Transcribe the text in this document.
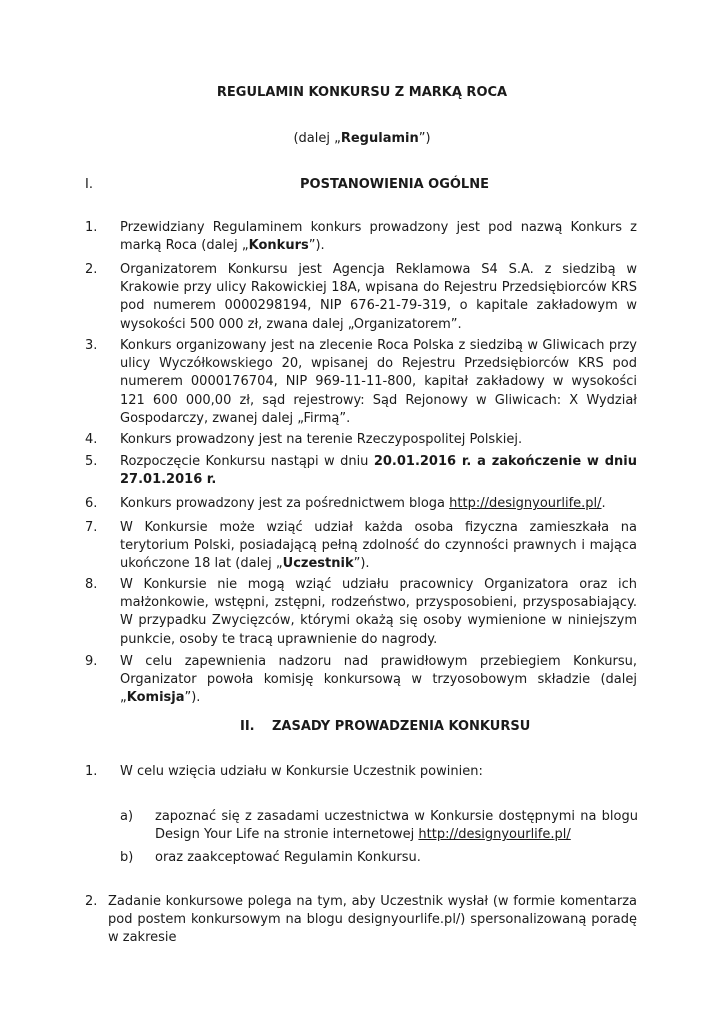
REGULAMIN KONKURSU Z MARKĄ ROCA
(dalej „Regulamin”)
I.	POSTANOWIENIA OGÓLNE
1. Przewidziany Regulaminem konkurs prowadzony jest pod nazwą Konkurs z marką Roca (dalej „Konkurs”).
2. Organizatorem Konkursu jest Agencja Reklamowa S4 S.A. z siedzibą w Krakowie przy ulicy Rakowickiej 18A, wpisana do Rejestru Przedsiębiorców KRS pod numerem 0000298194, NIP 676-21-79-319, o kapitale zakładowym w wysokości 500 000 zł, zwana dalej „Organizatorem”.
3. Konkurs organizowany jest na zlecenie Roca Polska z siedzibą w Gliwicach przy ulicy Wyczółkowskiego 20, wpisanej do Rejestru Przedsiębiorców KRS pod numerem 0000176704, NIP 969-11-11-800, kapitał zakładowy w wysokości 121 600 000,00 zł, sąd rejestrowy: Sąd Rejonowy w Gliwicach: X Wydział Gospodarczy, zwanej dalej „Firmą”.
4. Konkurs prowadzony jest na terenie Rzeczypospolitej Polskiej.
5. Rozpoczęcie Konkursu nastąpi w dniu 20.01.2016 r. a zakończenie w dniu 27.01.2016 r.
6. Konkurs prowadzony jest za pośrednictwem bloga http://designyourlife.pl/.
7. W Konkursie może wziąć udział każda osoba fizyczna zamieszkała na terytorium Polski, posiadającą pełną zdolność do czynności prawnych i mająca ukończone 18 lat (dalej „Uczestnik”).
8. W Konkursie nie mogą wziąć udziału pracownicy Organizatora oraz ich małżonkowie, wstępni, zstępni, rodzeństwo, przysposobieni, przysposabiający. W przypadku Zwycięzców, którymi okażą się osoby wymienione w niniejszym punkcie, osoby te tracą uprawnienie do nagrody.
9. W celu zapewnienia nadzoru nad prawidłowym przebiegiem Konkursu, Organizator powoła komisję konkursową w trzyosobowym składzie (dalej „Komisja”).
II. ZASADY PROWADZENIA KONKURSU
1. W celu wzięcia udziału w Konkursie Uczestnik powinien:
a) zapoznać się z zasadami uczestnictwa w Konkursie dostępnymi na blogu Design Your Life na stronie internetowej http://designyourlife.pl/
b) oraz zaakceptować Regulamin Konkursu.
2. Zadanie konkursowe polega na tym, aby Uczestnik wysłał (w formie komentarza pod postem konkursowym na blogu designyourlife.pl/) spersonalizowaną poradę w zakresie
